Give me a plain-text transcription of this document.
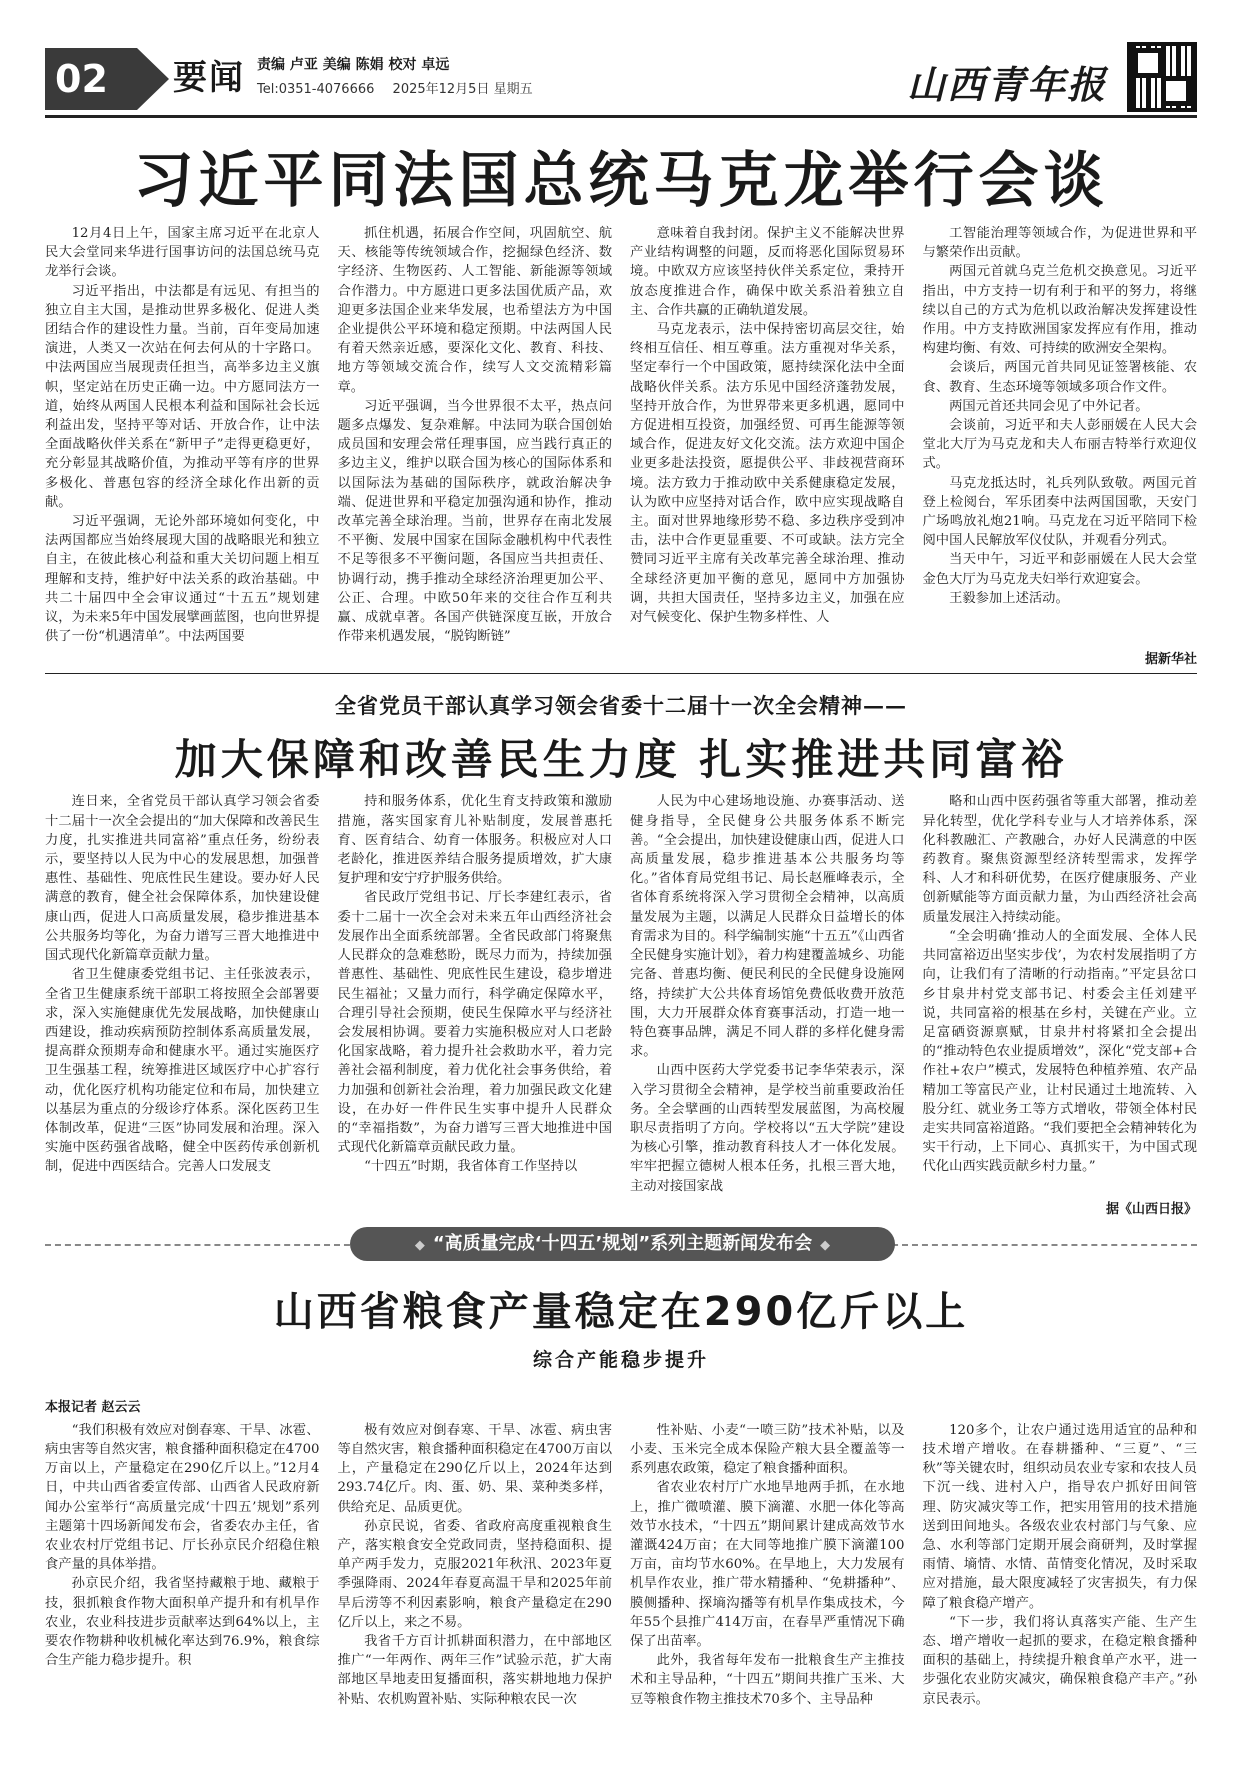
02	要闻 责编 卢亚 美编 陈娟 校对 卓远
Tel:0351-4076666 2025年12月5日 星期五	山西青年报
习近平同法国总统马克龙举行会谈

12月4日上午，国家主席习近平在北京人民大会堂同来华进行国事访问的法国总统马克龙举行会谈。

习近平指出，中法都是有远见、有担当的独立自主大国，是推动世界多极化、促进人类团结合作的建设性力量。当前，百年变局加速演进，人类又一次站在何去何从的十字路口。中法两国应当展现责任担当，高举多边主义旗帜，坚定站在历史正确一边。中方愿同法方一道，始终从两国人民根本利益和国际社会长远利益出发，坚持平等对话、开放合作，让中法全面战略伙伴关系在“新甲子”走得更稳更好，充分彰显其战略价值，为推动平等有序的世界多极化、普惠包容的经济全球化作出新的贡献。

习近平强调，无论外部环境如何变化，中法两国都应当始终展现大国的战略眼光和独立自主，在彼此核心利益和重大关切问题上相互理解和支持，维护好中法关系的政治基础。中共二十届四中全会审议通过“十五五”规划建议，为未来5年中国发展擘画蓝图，也向世界提供了一份“机遇清单”。中法两国要

抓住机遇，拓展合作空间，巩固航空、航天、核能等传统领域合作，挖掘绿色经济、数字经济、生物医药、人工智能、新能源等领域合作潜力。中方愿进口更多法国优质产品，欢迎更多法国企业来华发展，也希望法方为中国企业提供公平环境和稳定预期。中法两国人民有着天然亲近感，要深化文化、教育、科技、地方等领域交流合作，续写人文交流精彩篇章。

习近平强调，当今世界很不太平，热点问题多点爆发、复杂难解。中法同为联合国创始成员国和安理会常任理事国，应当践行真正的多边主义，维护以联合国为核心的国际体系和以国际法为基础的国际秩序，就政治解决争端、促进世界和平稳定加强沟通和协作，推动改革完善全球治理。当前，世界存在南北发展不平衡、发展中国家在国际金融机构中代表性不足等很多不平衡问题，各国应当共担责任、协调行动，携手推动全球经济治理更加公平、公正、合理。中欧50年来的交往合作互利共赢、成就卓著。各国产供链深度互嵌，开放合作带来机遇发展，“脱钩断链”

意味着自我封闭。保护主义不能解决世界产业结构调整的问题，反而将恶化国际贸易环境。中欧双方应该坚持伙伴关系定位，秉持开放态度推进合作，确保中欧关系沿着独立自主、合作共赢的正确轨道发展。

马克龙表示，法中保持密切高层交往，始终相互信任、相互尊重。法方重视对华关系，坚定奉行一个中国政策，愿持续深化法中全面战略伙伴关系。法方乐见中国经济蓬勃发展，坚持开放合作，为世界带来更多机遇，愿同中方促进相互投资，加强经贸、可再生能源等领域合作，促进友好文化交流。法方欢迎中国企业更多赴法投资，愿提供公平、非歧视营商环境。法方致力于推动欧中关系健康稳定发展，认为欧中应坚持对话合作，欧中应实现战略自主。面对世界地缘形势不稳、多边秩序受到冲击，法中合作更显重要、不可或缺。法方完全赞同习近平主席有关改革完善全球治理、推动全球经济更加平衡的意见，愿同中方加强协调，共担大国责任，坚持多边主义，加强在应对气候变化、保护生物多样性、人

工智能治理等领域合作，为促进世界和平与繁荣作出贡献。

两国元首就乌克兰危机交换意见。习近平指出，中方支持一切有利于和平的努力，将继续以自己的方式为危机以政治解决发挥建设性作用。中方支持欧洲国家发挥应有作用，推动构建均衡、有效、可持续的欧洲安全架构。

会谈后，两国元首共同见证签署核能、农食、教育、生态环境等领域多项合作文件。

两国元首还共同会见了中外记者。

会谈前，习近平和夫人彭丽媛在人民大会堂北大厅为马克龙和夫人布丽吉特举行欢迎仪式。

马克龙抵达时，礼兵列队致敬。两国元首登上检阅台，军乐团奏中法两国国歌，天安门广场鸣放礼炮21响。马克龙在习近平陪同下检阅中国人民解放军仪仗队，并观看分列式。

当天中午，习近平和彭丽媛在人民大会堂金色大厅为马克龙夫妇举行欢迎宴会。

王毅参加上述活动。

据新华社
全省党员干部认真学习领会省委十二届十一次全会精神——
加大保障和改善民生力度 扎实推进共同富裕

连日来，全省党员干部认真学习领会省委十二届十一次全会提出的“加大保障和改善民生力度，扎实推进共同富裕”重点任务，纷纷表示，要坚持以人民为中心的发展思想，加强普惠性、基础性、兜底性民生建设。要办好人民满意的教育，健全社会保障体系，加快建设健康山西，促进人口高质量发展，稳步推进基本公共服务均等化，为奋力谱写三晋大地推进中国式现代化新篇章贡献力量。

省卫生健康委党组书记、主任张波表示，全省卫生健康系统干部职工将按照全会部署要求，深入实施健康优先发展战略，加快健康山西建设，推动疾病预防控制体系高质量发展，提高群众预期寿命和健康水平。通过实施医疗卫生强基工程，统筹推进区域医疗中心扩容行动，优化医疗机构功能定位和布局，加快建立以基层为重点的分级诊疗体系。深化医药卫生体制改革，促进“三医”协同发展和治理。深入实施中医药强省战略，健全中医药传承创新机制，促进中西医结合。完善人口发展支

持和服务体系，优化生育支持政策和激励措施，落实国家育儿补贴制度，发展普惠托育、医育结合、幼育一体服务。积极应对人口老龄化，推进医养结合服务提质增效，扩大康复护理和安宁疗护服务供给。

省民政厅党组书记、厅长李建红表示，省委十二届十一次全会对未来五年山西经济社会发展作出全面系统部署。全省民政部门将聚焦人民群众的急难愁盼，既尽力而为，持续加强普惠性、基础性、兜底性民生建设，稳步增进民生福祉；又量力而行，科学确定保障水平，合理引导社会预期，使民生保障水平与经济社会发展相协调。要着力实施积极应对人口老龄化国家战略，着力提升社会救助水平，着力完善社会福利制度，着力优化社会事务供给，着力加强和创新社会治理，着力加强民政文化建设，在办好一件件民生实事中提升人民群众的“幸福指数”，为奋力谱写三晋大地推进中国式现代化新篇章贡献民政力量。

“十四五”时期，我省体育工作坚持以

人民为中心建场地设施、办赛事活动、送健身指导，全民健身公共服务体系不断完善。“全会提出，加快建设健康山西，促进人口高质量发展，稳步推进基本公共服务均等化。”省体育局党组书记、局长赵雁峰表示，全省体育系统将深入学习贯彻全会精神，以高质量发展为主题，以满足人民群众日益增长的体育需求为目的。科学编制实施“十五五”《山西省全民健身实施计划》，着力构建覆盖城乡、功能完备、普惠均衡、便民利民的全民健身设施网络，持续扩大公共体育场馆免费低收费开放范围，大力开展群众体育赛事活动，打造一地一特色赛事品牌，满足不同人群的多样化健身需求。

山西中医药大学党委书记李华荣表示，深入学习贯彻全会精神，是学校当前重要政治任务。全会擘画的山西转型发展蓝图，为高校履职尽责指明了方向。学校将以“五大学院”建设为核心引擎，推动教育科技人才一体化发展。牢牢把握立德树人根本任务，扎根三晋大地，主动对接国家战

略和山西中医药强省等重大部署，推动差异化转型，优化学科专业与人才培养体系，深化科教融汇、产教融合，办好人民满意的中医药教育。聚焦资源型经济转型需求，发挥学科、人才和科研优势，在医疗健康服务、产业创新赋能等方面贡献力量，为山西经济社会高质量发展注入持续动能。

“全会明确‘推动人的全面发展、全体人民共同富裕迈出坚实步伐’，为农村发展指明了方向，让我们有了清晰的行动指南。”平定县岔口乡甘泉井村党支部书记、村委会主任刘建平说，共同富裕的根基在乡村，关键在产业。立足富硒资源禀赋，甘泉井村将紧扣全会提出的“推动特色农业提质增效”，深化“党支部+合作社+农户”模式，发展特色种植养殖、农产品精加工等富民产业，让村民通过土地流转、入股分红、就业务工等方式增收，带领全体村民走实共同富裕道路。“我们要把全会精神转化为实干行动，上下同心、真抓实干，为中国式现代化山西实践贡献乡村力量。”

据《山西日报》
◆ “高质量完成‘十四五’规划”系列主题新闻发布会 ◆
山西省粮食产量稳定在290亿斤以上
综合产能稳步提升
本报记者 赵云云

“我们积极有效应对倒春寒、干旱、冰雹、病虫害等自然灾害，粮食播种面积稳定在4700万亩以上，产量稳定在290亿斤以上。”12月4日，中共山西省委宣传部、山西省人民政府新闻办公室举行“高质量完成‘十四五’规划”系列主题第十四场新闻发布会，省委农办主任，省农业农村厅党组书记、厅长孙京民介绍稳住粮食产量的具体举措。

孙京民介绍，我省坚持藏粮于地、藏粮于技，狠抓粮食作物大面积单产提升和有机旱作农业，农业科技进步贡献率达到64%以上，主要农作物耕种收机械化率达到76.9%，粮食综合生产能力稳步提升。积

极有效应对倒春寒、干旱、冰雹、病虫害等自然灾害，粮食播种面积稳定在4700万亩以上，产量稳定在290亿斤以上，2024年达到293.74亿斤。肉、蛋、奶、果、菜种类多样，供给充足、品质更优。

孙京民说，省委、省政府高度重视粮食生产，落实粮食安全党政同责，坚持稳面积、提单产两手发力，克服2021年秋汛、2023年夏季强降雨、2024年春夏高温干旱和2025年前旱后涝等不利因素影响，粮食产量稳定在290亿斤以上，来之不易。

我省千方百计抓耕面积潜力，在中部地区推广“一年两作、两年三作”试验示范，扩大南部地区旱地麦田复播面积，落实耕地地力保护补贴、农机购置补贴、实际种粮农民一次

性补贴、小麦“一喷三防”技术补贴，以及小麦、玉米完全成本保险产粮大县全覆盖等一系列惠农政策，稳定了粮食播种面积。

省农业农村厅广水地旱地两手抓，在水地上，推广微喷灌、膜下滴灌、水肥一体化等高效节水技术，“十四五”期间累计建成高效节水灌溉424万亩；在大同等地推广膜下滴灌100万亩，亩均节水60%。在旱地上，大力发展有机旱作农业，推广带水精播种、“免耕播种”、膜侧播种、探墒沟播等有机旱作集成技术，今年55个县推广414万亩，在春旱严重情况下确保了出苗率。

此外，我省每年发布一批粮食生产主推技术和主导品种，“十四五”期间共推广玉米、大豆等粮食作物主推技术70多个、主导品种

120多个，让农户通过选用适宜的品种和技术增产增收。在春耕播种、“三夏”、“三秋”等关键农时，组织动员农业专家和农技人员下沉一线、进村入户，指导农户抓好田间管理、防灾减灾等工作，把实用管用的技术措施送到田间地头。各级农业农村部门与气象、应急、水利等部门定期开展会商研判，及时掌握雨情、墒情、水情、苗情变化情况，及时采取应对措施，最大限度减轻了灾害损失，有力保障了粮食稳产增产。

“下一步，我们将认真落实产能、生产生态、增产增收一起抓的要求，在稳定粮食播种面积的基础上，持续提升粮食单产水平，进一步强化农业防灾减灾，确保粮食稳产丰产。”孙京民表示。
